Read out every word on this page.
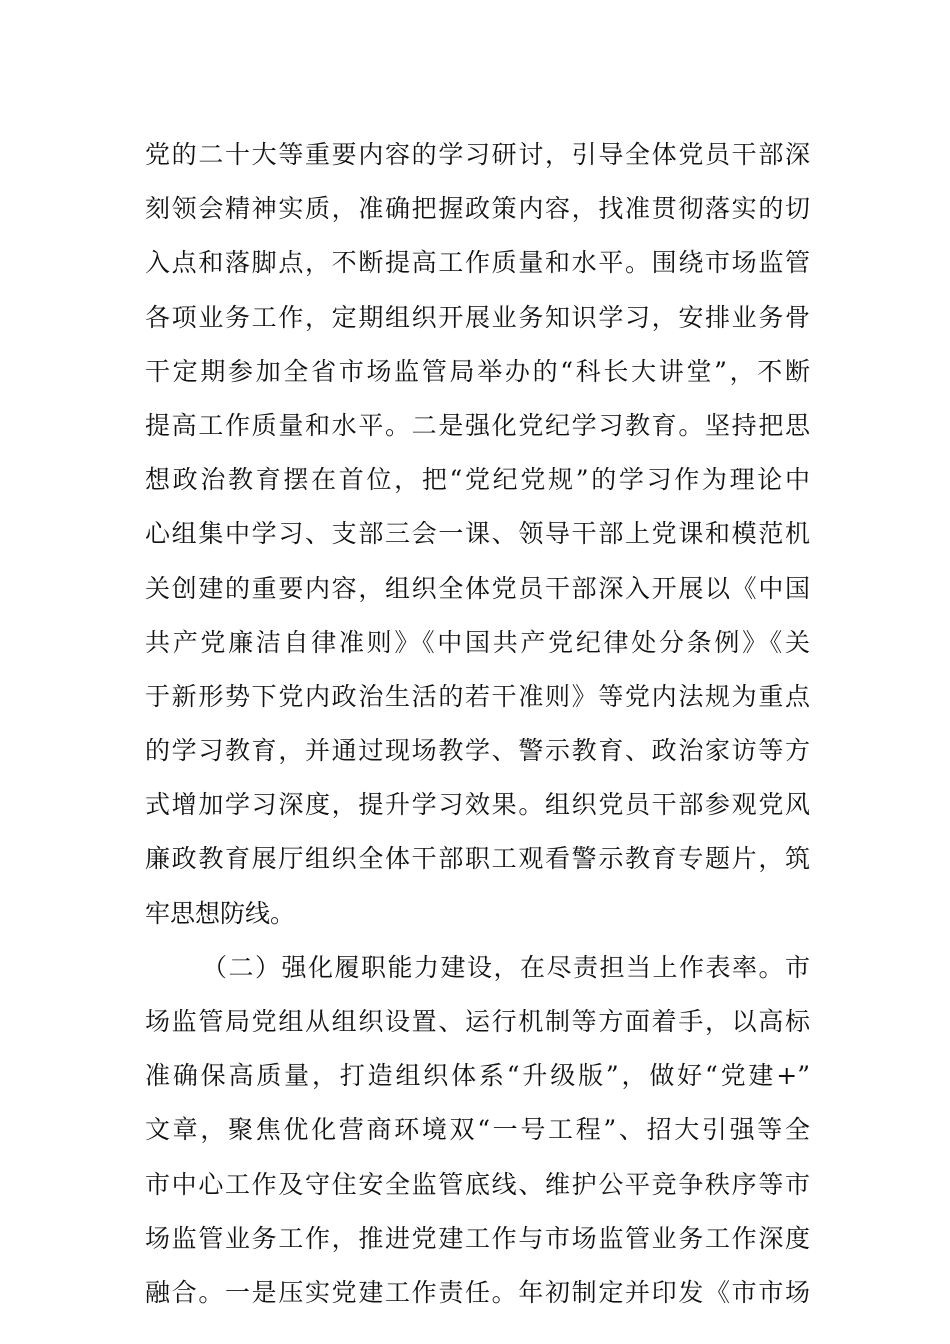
党的二十大等重要内容的学习研讨，引导全体党员干部深
刻领会精神实质，准确把握政策内容，找准贯彻落实的切
入点和落脚点，不断提高工作质量和水平。围绕市场监管
各项业务工作，定期组织开展业务知识学习，安排业务骨
干定期参加全省市场监管局举办的“科长大讲堂”，不断
提高工作质量和水平。二是强化党纪学习教育。坚持把思
想政治教育摆在首位，把“党纪党规”的学习作为理论中
心组集中学习、支部三会一课、领导干部上党课和模范机
关创建的重要内容，组织全体党员干部深入开展以《中国
共产党廉洁自律准则》《中国共产党纪律处分条例》《关
于新形势下党内政治生活的若干准则》等党内法规为重点
的学习教育，并通过现场教学、警示教育、政治家访等方
式增加学习深度，提升学习效果。组织党员干部参观党风
廉政教育展厅组织全体干部职工观看警示教育专题片，筑
牢思想防线。
（二）强化履职能力建设，在尽责担当上作表率。市
场监管局党组从组织设置、运行机制等方面着手，以高标
准确保高质量，打造组织体系“升级版”，做好“党建+”
文章，聚焦优化营商环境双“一号工程”、招大引强等全
市中心工作及守住安全监管底线、维护公平竞争秩序等市
场监管业务工作，推进党建工作与市场监管业务工作深度
融合。一是压实党建工作责任。年初制定并印发《市市场
